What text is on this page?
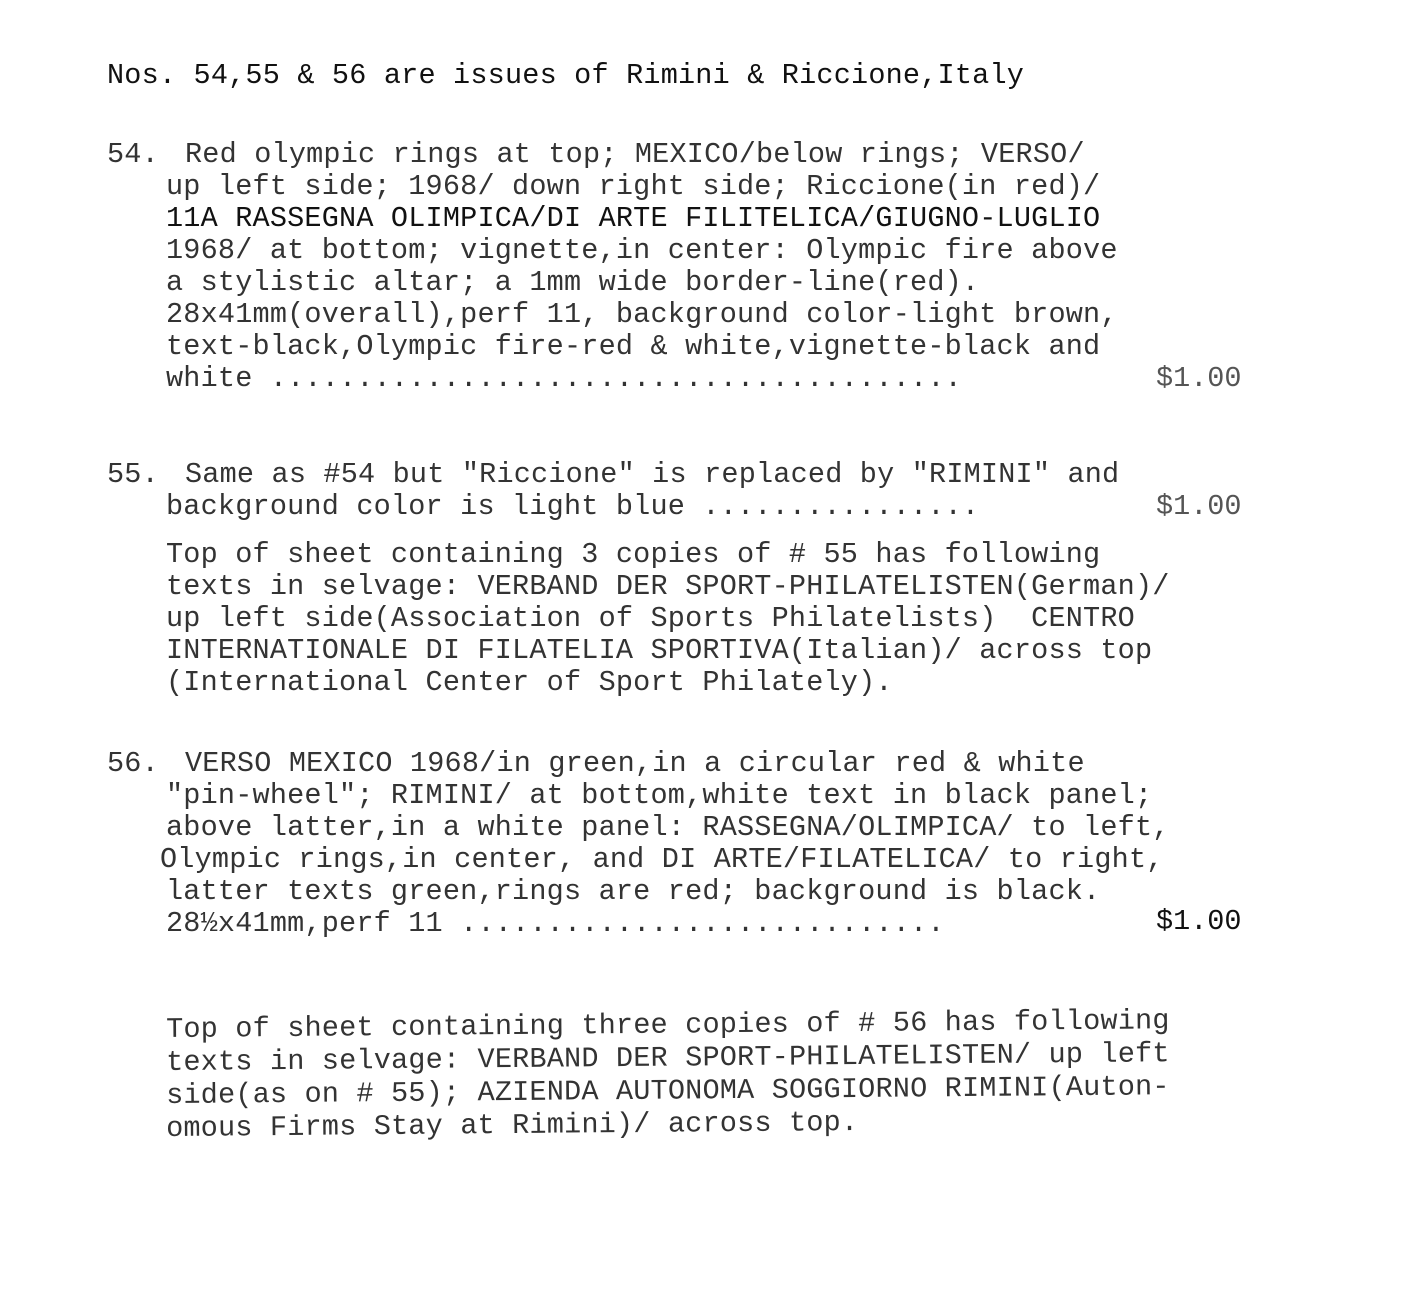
Nos. 54,55 & 56 are issues of Rimini & Riccione,Italy
54. Red olympic rings at top; MEXICO/below rings; VERSO/
up left side; 1968/ down right side; Riccione(in red)/
11A RASSEGNA OLIMPICA/DI ARTE FILITELICA/GIUGNO-LUGLIO
1968/ at bottom; vignette,in center: Olympic fire above
a stylistic altar; a 1mm wide border-line(red).
28x41mm(overall),perf 11, background color-light brown,
text-black,Olympic fire-red & white,vignette-black and
white ........................................	$1.00
55. Same as #54 but "Riccione" is replaced by "RIMINI" and
background color is light blue ................	$1.00
Top of sheet containing 3 copies of # 55 has following
texts in selvage: VERBAND DER SPORT-PHILATELISTEN(German)/
up left side(Association of Sports Philatelists)  CENTRO
INTERNATIONALE DI FILATELIA SPORTIVA(Italian)/ across top
(International Center of Sport Philately).
56. VERSO MEXICO 1968/in green,in a circular red & white
"pin-wheel"; RIMINI/ at bottom,white text in black panel;
above latter,in a white panel: RASSEGNA/OLIMPICA/ to left,
Olympic rings,in center, and DI ARTE/FILATELICA/ to right,
latter texts green,rings are red; background is black.
28½x41mm,perf 11 ............................	$1.00
Top of sheet containing three copies of # 56 has following
texts in selvage: VERBAND DER SPORT-PHILATELISTEN/ up left
side(as on # 55); AZIENDA AUTONOMA SOGGIORNO RIMINI(Auton-
omous Firms Stay at Rimini)/ across top.
